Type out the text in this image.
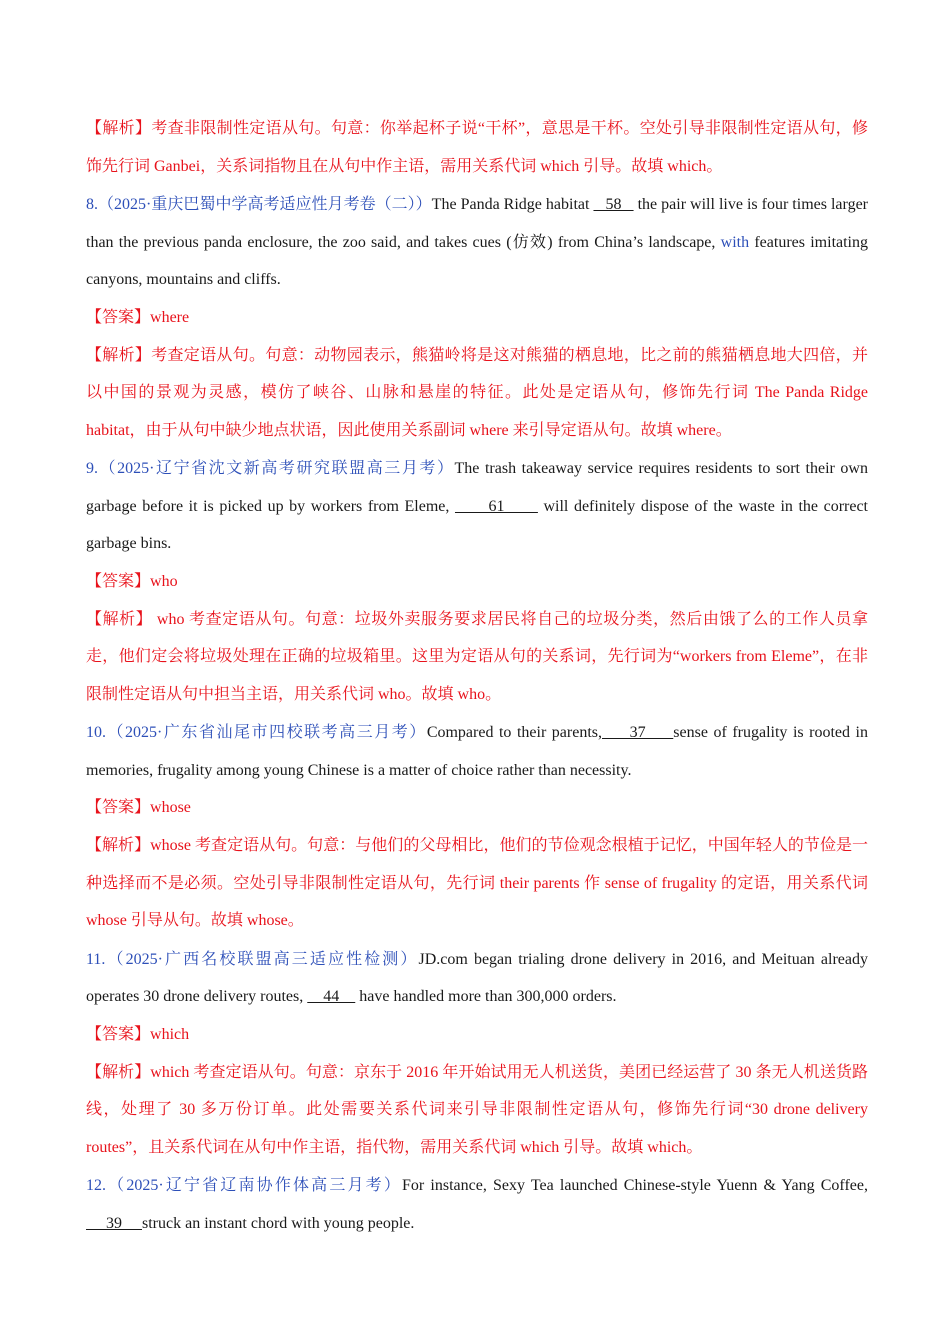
【解析】考查非限制性定语从句。句意：你举起杯子说“干杯”，意思是干杯。空处引导非限制性定语从句，修饰先行词 Ganbei，关系词指物且在从句中作主语，需用关系代词 which 引导。故填 which。

8.（2025·重庆巴蜀中学高考适应性月考卷（二））The Panda Ridge habitat    58    the pair will live is four times larger than the previous panda enclosure, the zoo said, and takes cues (仿效) from China’s landscape, with features imitating canyons, mountains and cliffs.

【答案】where

【解析】考查定语从句。句意：动物园表示，熊猫岭将是这对熊猫的栖息地，比之前的熊猫栖息地大四倍，并以中国的景观为灵感，模仿了峡谷、山脉和悬崖的特征。此处是定语从句，修饰先行词 The Panda Ridge habitat，由于从句中缺少地点状语，因此使用关系副词 where 来引导定语从句。故填 where。

9.（2025·辽宁省沈文新高考研究联盟高三月考）The trash takeaway service requires residents to sort their own garbage before it is picked up by workers from Eleme,       61       will definitely dispose of the waste in the correct garbage bins.

【答案】who

【解析】 who 考查定语从句。句意：垃圾外卖服务要求居民将自己的垃圾分类，然后由饿了么的工作人员拿走，他们定会将垃圾处理在正确的垃圾箱里。这里为定语从句的关系词，先行词为“workers from Eleme”，在非限制性定语从句中担当主语，用关系代词 who。故填 who。

10.（2025·广东省汕尾市四校联考高三月考）Compared to their parents,     37     sense of frugality is rooted in memories, frugality among young Chinese is a matter of choice rather than necessity.

【答案】whose

【解析】whose 考查定语从句。句意：与他们的父母相比，他们的节俭观念根植于记忆，中国年轻人的节俭是一种选择而不是必须。空处引导非限制性定语从句，先行词 their parents 作 sense of frugality 的定语，用关系代词 whose 引导从句。故填 whose。

11.（2025·广西名校联盟高三适应性检测）JD.com began trialing drone delivery in 2016, and Meituan already operates 30 drone delivery routes,     44     have handled more than 300,000 orders.

【答案】which

【解析】which 考查定语从句。句意：京东于 2016 年开始试用无人机送货，美团已经运营了 30 条无人机送货路线，处理了 30 多万份订单。此处需要关系代词来引导非限制性定语从句，修饰先行词“30 drone delivery routes”，且关系代词在从句中作主语，指代物，需用关系代词 which 引导。故填 which。

12.（2025·辽宁省辽南协作体高三月考）For instance, Sexy Tea launched Chinese-style Yuenn & Yang Coffee,      39     struck an instant chord with young people.
